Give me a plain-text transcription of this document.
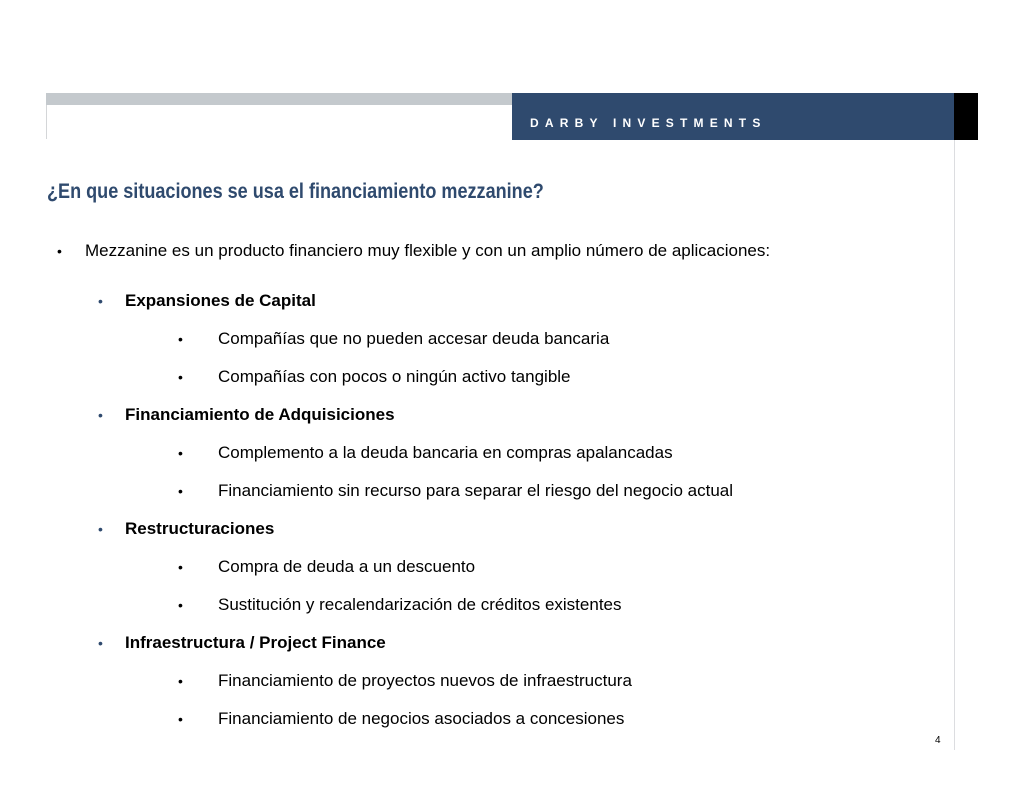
DARBY INVESTMENTS
¿En que situaciones se usa el financiamiento mezzanine?
• Mezzanine es un producto financiero muy flexible y con un amplio número de aplicaciones:
• Expansiones de Capital
• Compañías que no pueden accesar deuda bancaria
• Compañías con pocos o ningún activo tangible
• Financiamiento de Adquisiciones
• Complemento a la deuda bancaria en compras apalancadas
• Financiamiento sin recurso para separar el riesgo del negocio actual
• Restructuraciones
• Compra de deuda a un descuento
• Sustitución y recalendarización de créditos existentes
• Infraestructura / Project Finance
• Financiamiento de proyectos nuevos de infraestructura
• Financiamiento de negocios asociados a concesiones
4
